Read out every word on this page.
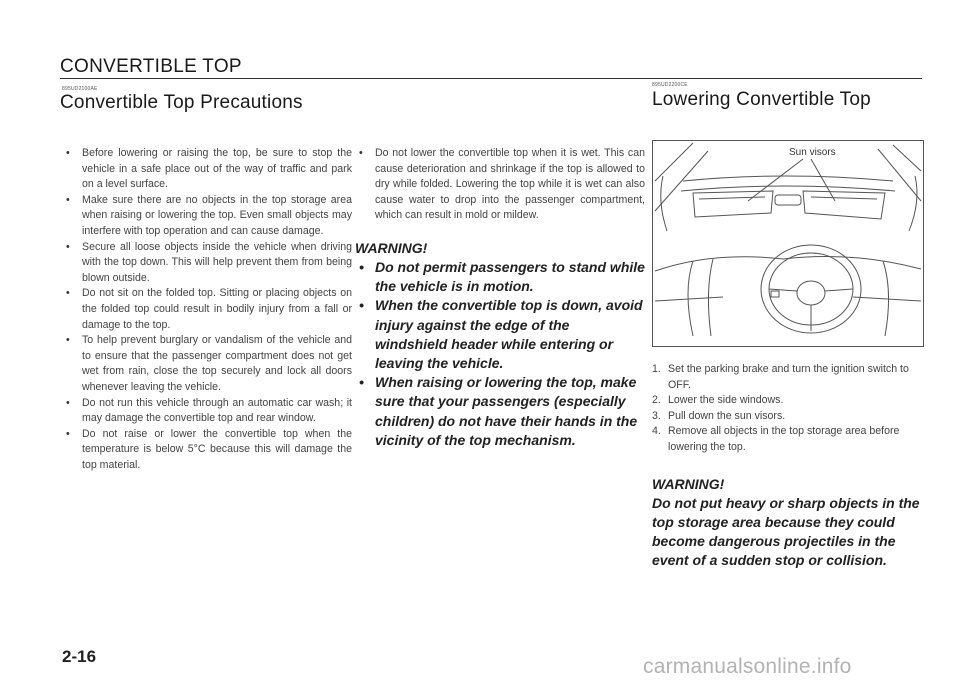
CONVERTIBLE TOP
895UD2100AE
Convertible Top Precautions
895UD2200CE
Lowering Convertible Top
• Before lowering or raising the top, be sure to stop the vehicle in a safe place out of the way of traffic and park on a level surface.
• Make sure there are no objects in the top storage area when raising or lowering the top. Even small objects may interfere with top operation and can cause damage.
• Secure all loose objects inside the vehicle when driving with the top down. This will help prevent them from being blown outside.
• Do not sit on the folded top. Sitting or placing objects on the folded top could result in bodily injury from a fall or damage to the top.
• To help prevent burglary or vandalism of the vehicle and to ensure that the passenger compartment does not get wet from rain, close the top securely and lock all doors whenever leaving the vehicle.
• Do not run this vehicle through an automatic car wash; it may damage the convertible top and rear window.
• Do not raise or lower the convertible top when the temperature is below 5°C because this will damage the top material.
• Do not lower the convertible top when it is wet. This can cause deterioration and shrinkage if the top is allowed to dry while folded. Lowering the top while it is wet can also cause water to drop into the passenger compartment, which can result in mold or mildew.
WARNING!
• Do not permit passengers to stand while the vehicle is in motion.
• When the convertible top is down, avoid injury against the edge of the windshield header while entering or leaving the vehicle.
• When raising or lowering the top, make sure that your passengers (especially children) do not have their hands in the vicinity of the top mechanism.
Sun visors
1. Set the parking brake and turn the ignition switch to OFF.
2. Lower the side windows.
3. Pull down the sun visors.
4. Remove all objects in the top storage area before lowering the top.
WARNING!
Do not put heavy or sharp objects in the top storage area because they could become dangerous projectiles in the event of a sudden stop or collision.
2-16	carmanualsonline.info
